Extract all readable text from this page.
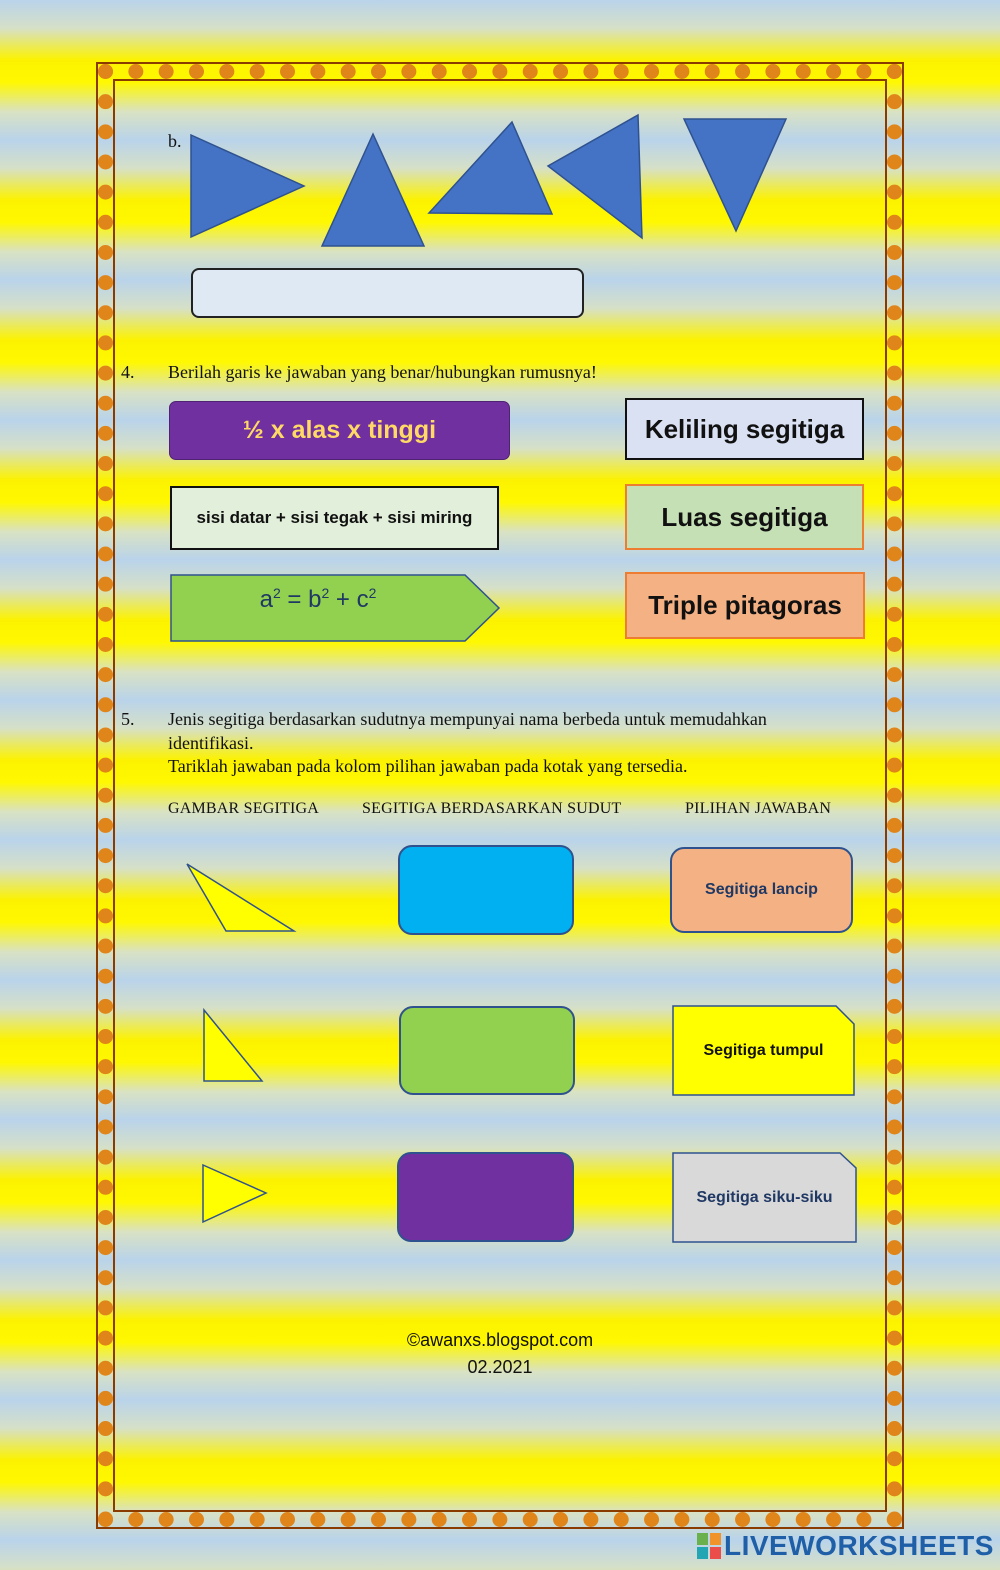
b.
4. Berilah garis ke jawaban yang benar/hubungkan rumusnya!
½ x alas x tinggi
sisi datar + sisi tegak + sisi miring
$a^2 = b^2 + c^2$
Keliling segitiga
Luas segitiga
Triple pitagoras
5. Jenis segitiga berdasarkan sudutnya mempunyai nama berbeda untuk memudahkan
identifikasi.
Tariklah jawaban pada kolom pilihan jawaban pada kotak yang tersedia.
GAMBAR SEGITIGA	SEGITIGA BERDASARKAN SUDUT	PILIHAN JAWABAN
Segitiga lancip
Segitiga tumpul
Segitiga siku-siku
©awanxs.blogspot.com
02.2021
LIVEWORKSHEETS
